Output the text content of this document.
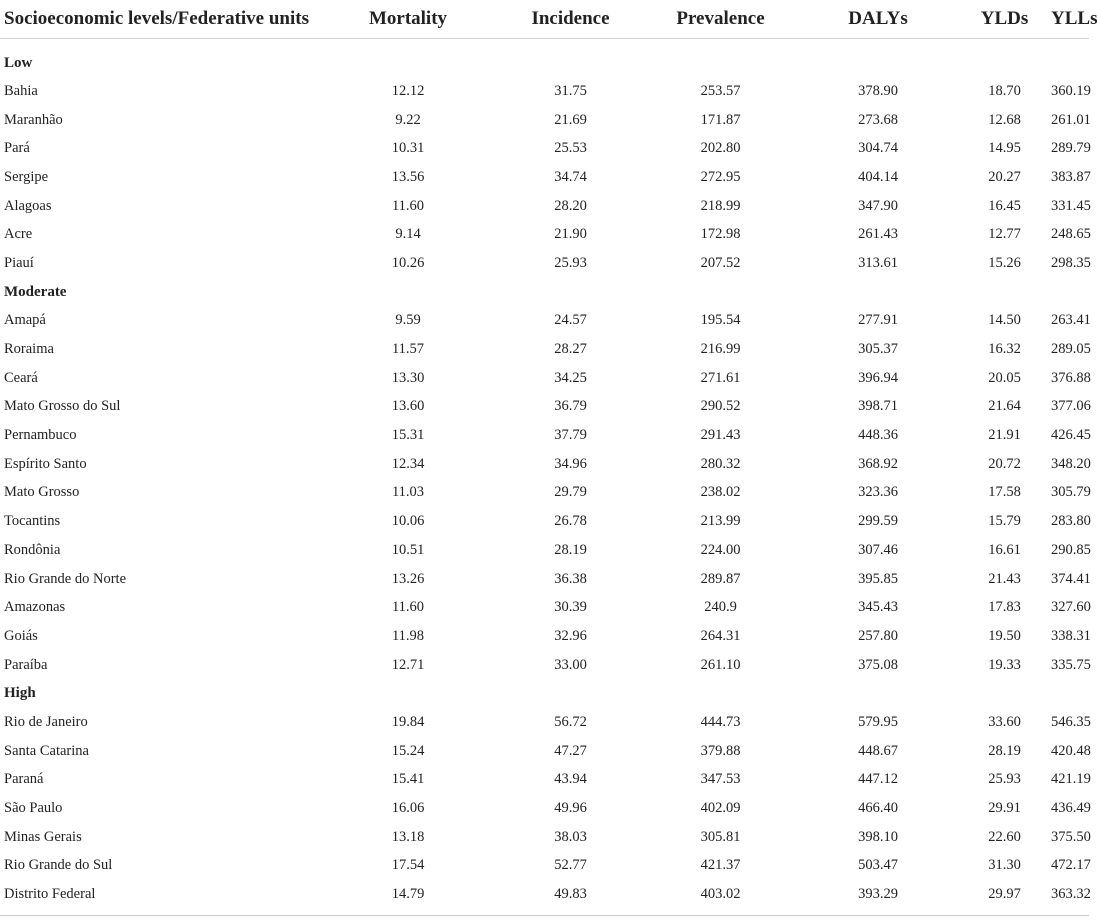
Socioeconomic levels/Federative units	Mortality	Incidence	Prevalence	DALYs	YLDs	YLLs
Low						
Bahia	12.12	31.75	253.57	378.90	18.70	360.19
Maranhão	9.22	21.69	171.87	273.68	12.68	261.01
Pará	10.31	25.53	202.80	304.74	14.95	289.79
Sergipe	13.56	34.74	272.95	404.14	20.27	383.87
Alagoas	11.60	28.20	218.99	347.90	16.45	331.45
Acre	9.14	21.90	172.98	261.43	12.77	248.65
Piauí	10.26	25.93	207.52	313.61	15.26	298.35
Moderate						
Amapá	9.59	24.57	195.54	277.91	14.50	263.41
Roraima	11.57	28.27	216.99	305.37	16.32	289.05
Ceará	13.30	34.25	271.61	396.94	20.05	376.88
Mato Grosso do Sul	13.60	36.79	290.52	398.71	21.64	377.06
Pernambuco	15.31	37.79	291.43	448.36	21.91	426.45
Espírito Santo	12.34	34.96	280.32	368.92	20.72	348.20
Mato Grosso	11.03	29.79	238.02	323.36	17.58	305.79
Tocantins	10.06	26.78	213.99	299.59	15.79	283.80
Rondônia	10.51	28.19	224.00	307.46	16.61	290.85
Rio Grande do Norte	13.26	36.38	289.87	395.85	21.43	374.41
Amazonas	11.60	30.39	240.9	345.43	17.83	327.60
Goiás	11.98	32.96	264.31	257.80	19.50	338.31
Paraíba	12.71	33.00	261.10	375.08	19.33	335.75
High						
Rio de Janeiro	19.84	56.72	444.73	579.95	33.60	546.35
Santa Catarina	15.24	47.27	379.88	448.67	28.19	420.48
Paraná	15.41	43.94	347.53	447.12	25.93	421.19
São Paulo	16.06	49.96	402.09	466.40	29.91	436.49
Minas Gerais	13.18	38.03	305.81	398.10	22.60	375.50
Rio Grande do Sul	17.54	52.77	421.37	503.47	31.30	472.17
Distrito Federal	14.79	49.83	403.02	393.29	29.97	363.32
